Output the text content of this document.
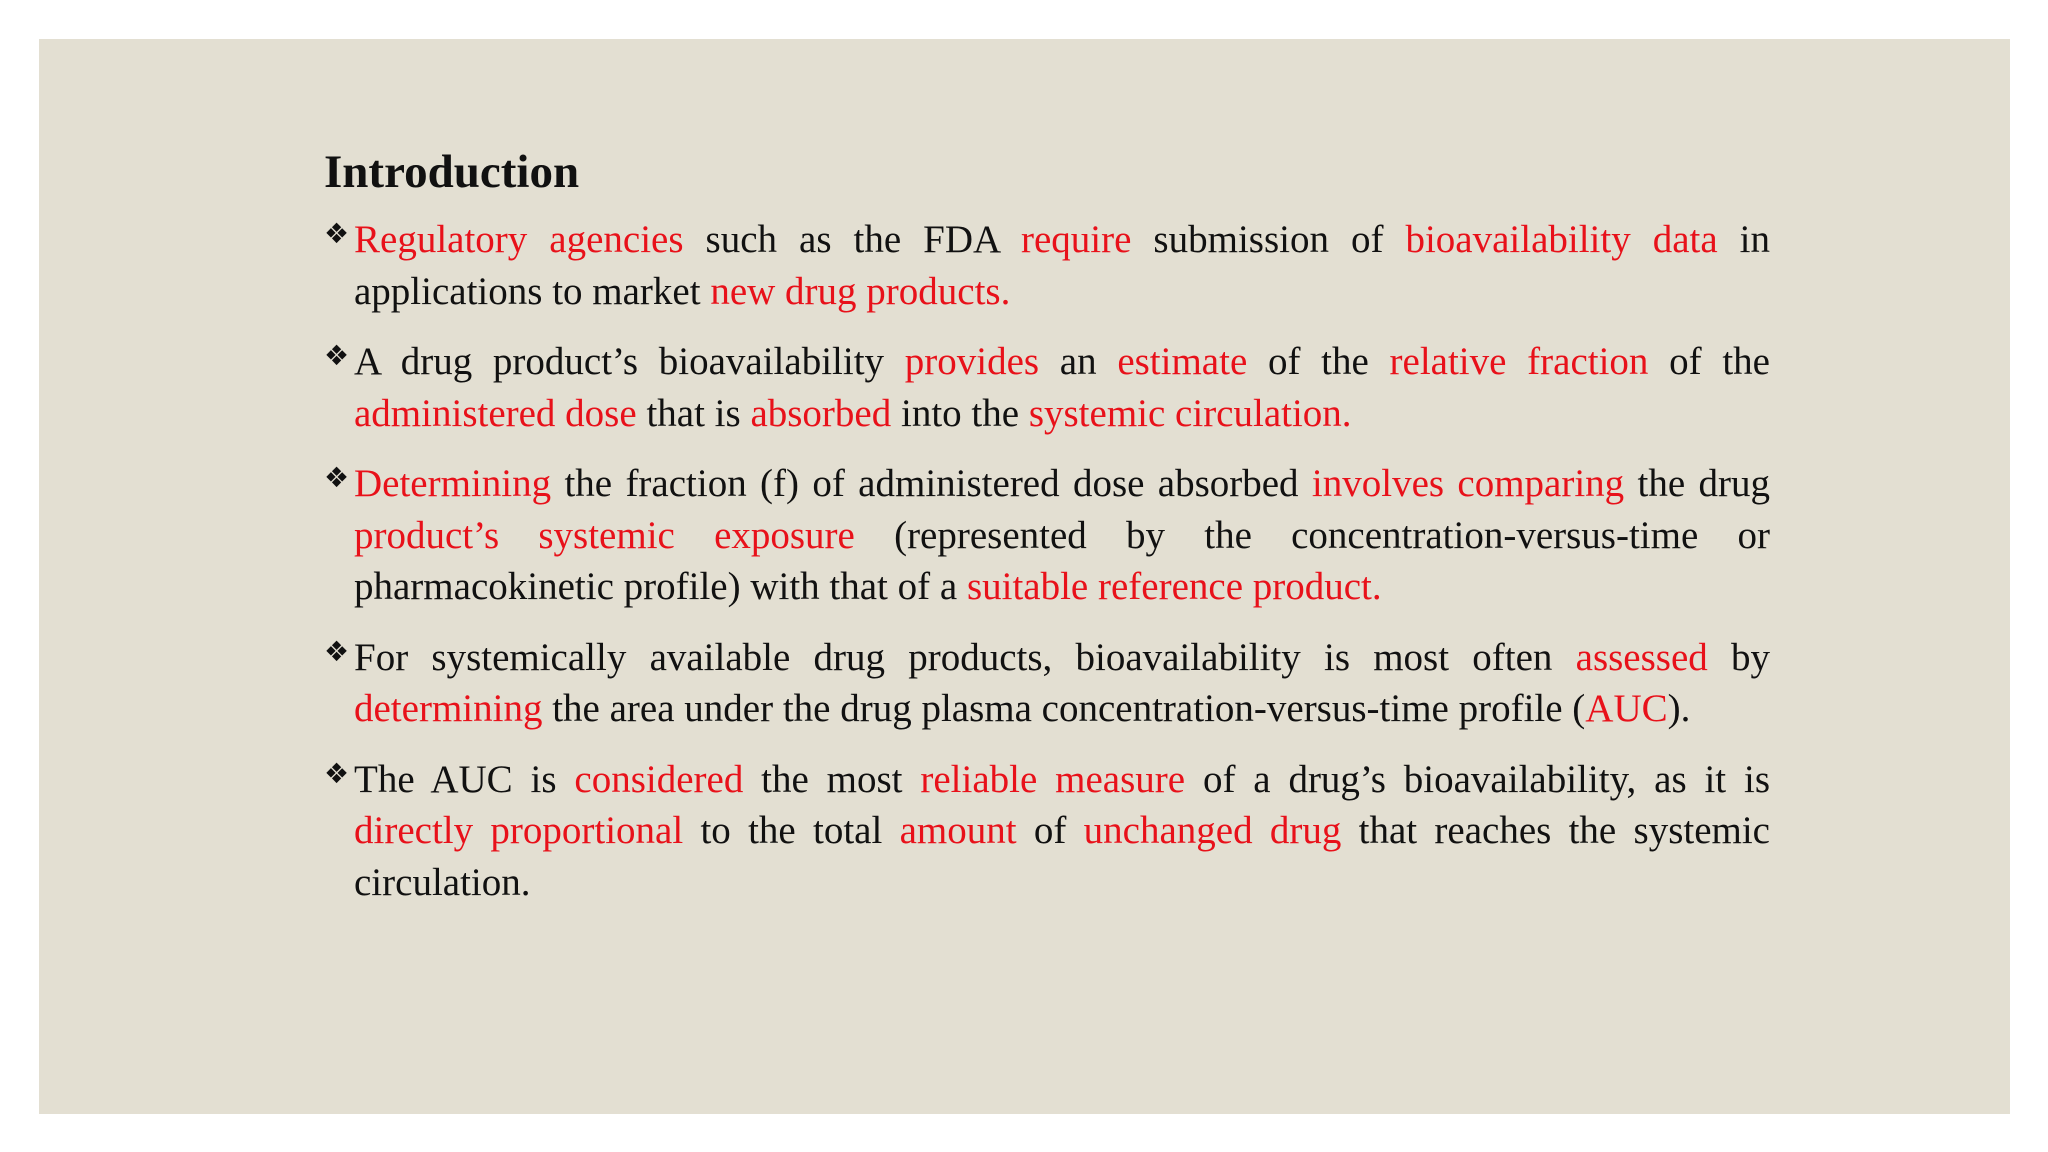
Introduction
❖ Regulatory agencies such as the FDA require submission of bioavailability data in applications to market new drug products.
❖ A drug product’s bioavailability provides an estimate of the relative fraction of the administered dose that is absorbed into the systemic circulation.
❖ Determining the fraction (f) of administered dose absorbed involves comparing the drug product’s systemic exposure (represented by the concentration-versus-time or pharmacokinetic profile) with that of a suitable reference product.
❖ For systemically available drug products, bioavailability is most often assessed by determining the area under the drug plasma concentration-versus-time profile (AUC).
❖ The AUC is considered the most reliable measure of a drug’s bioavailability, as it is directly proportional to the total amount of unchanged drug that reaches the systemic circulation.
